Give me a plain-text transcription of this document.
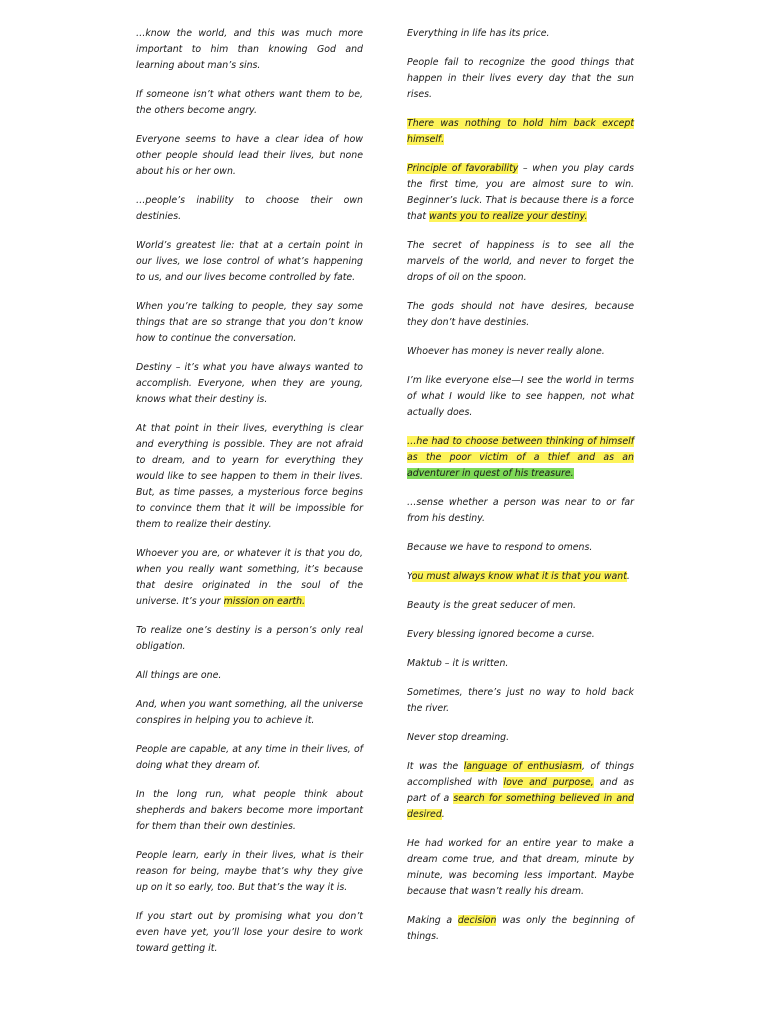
…know the world, and this was much more important to him than knowing God and learning about man’s sins.

If someone isn’t what others want them to be, the others become angry.

Everyone seems to have a clear idea of how other people should lead their lives, but none about his or her own.

…people’s inability to choose their own destinies.

World’s greatest lie: that at a certain point in our lives, we lose control of what’s happening to us, and our lives become controlled by fate.

When you’re talking to people, they say some things that are so strange that you don’t know how to continue the conversation.

Destiny – it’s what you have always wanted to accomplish. Everyone, when they are young, knows what their destiny is.

At that point in their lives, everything is clear and everything is possible. They are not afraid to dream, and to yearn for everything they would like to see happen to them in their lives. But, as time passes, a mysterious force begins to convince them that it will be impossible for them to realize their destiny.

Whoever you are, or whatever it is that you do, when you really want something, it’s because that desire originated in the soul of the universe. It’s your mission on earth.

To realize one’s destiny is a person’s only real obligation.

All things are one.

And, when you want something, all the universe conspires in helping you to achieve it.

People are capable, at any time in their lives, of doing what they dream of.

In the long run, what people think about shepherds and bakers become more important for them than their own destinies.

People learn, early in their lives, what is their reason for being, maybe that’s why they give up on it so early, too. But that’s the way it is.

If you start out by promising what you don’t even have yet, you’ll lose your desire to work toward getting it.

Everything in life has its price.

People fail to recognize the good things that happen in their lives every day that the sun rises.

There was nothing to hold him back except himself.

Principle of favorability – when you play cards the first time, you are almost sure to win. Beginner’s luck. That is because there is a force that wants you to realize your destiny.

The secret of happiness is to see all the marvels of the world, and never to forget the drops of oil on the spoon.

The gods should not have desires, because they don’t have destinies.

Whoever has money is never really alone.

I’m like everyone else—I see the world in terms of what I would like to see happen, not what actually does.

…he had to choose between thinking of himself as the poor victim of a thief and as an adventurer in quest of his treasure.

…sense whether a person was near to or far from his destiny.

Because we have to respond to omens.

You must always know what it is that you want.

Beauty is the great seducer of men.

Every blessing ignored become a curse.

Maktub – it is written.

Sometimes, there’s just no way to hold back the river.

Never stop dreaming.

It was the language of enthusiasm, of things accomplished with love and purpose, and as part of a search for something believed in and desired.

He had worked for an entire year to make a dream come true, and that dream, minute by minute, was becoming less important. Maybe because that wasn’t really his dream.

Making a decision was only the beginning of things.
